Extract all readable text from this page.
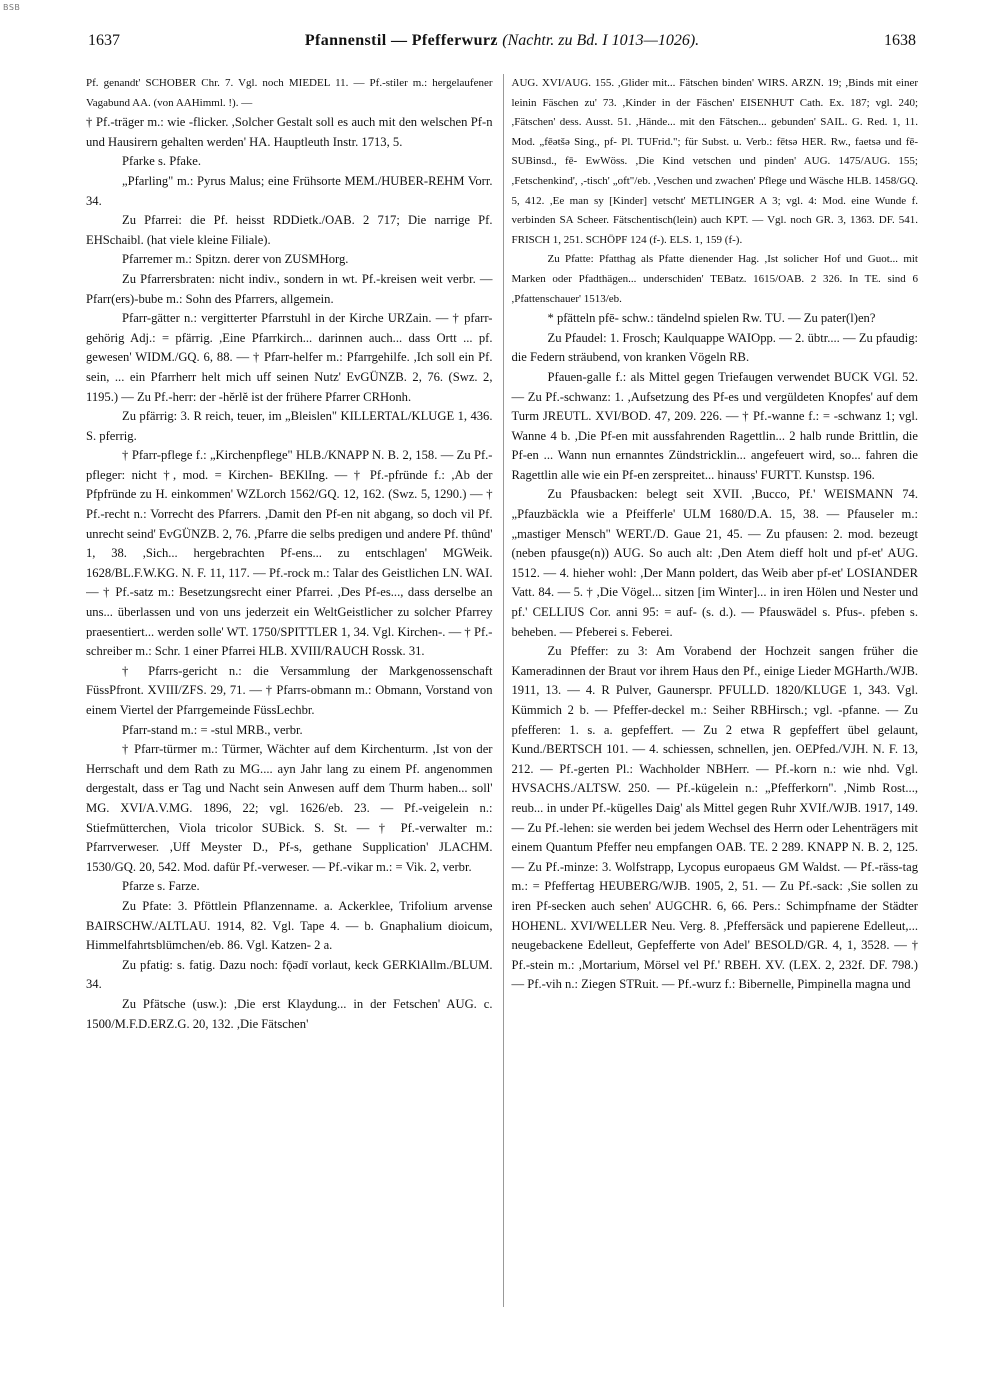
BSB
1637	Pfannenstil — Pfefferwurz (Nachtr. zu Bd. I 1013—1026).	1638

Pf. genandt' SCHOBER Chr. 7. Vgl. noch MIEDEL 11. — Pf.-stiler m.: hergelaufener Vagabund AA. (von AAHimml. !). —

† Pf.-träger m.: wie -flicker. ,Solcher Gestalt soll es auch mit den welschen Pf-n und Hausirern gehalten werden' HA. Hauptleuth Instr. 1713, 5.

Pfarke s. Pfake.

„Pfarling" m.: Pyrus Malus; eine Frühsorte MEM./HUBER-REHM Vorr. 34.

Zu Pfarrei: die Pf. heisst RDDietk./OAB. 2 717; Die narrige Pf. EHSchaibl. (hat viele kleine Filiale).

Pfarremer m.: Spitzn. derer von ZUSMHorg.

Zu Pfarrersbraten: nicht indiv., sondern in wt. Pf.-kreisen weit verbr. — Pfarr(ers)-bube m.: Sohn des Pfarrers, allgemein.

Pfarr-gätter n.: vergitterter Pfarrstuhl in der Kirche URZain. — † pfarr-gehörig Adj.: = pfärrig. ,Eine Pfarrkirch... darinnen auch... dass Ortt ... pf. gewesen' WIDM./GQ. 6, 88. — † Pfarr-helfer m.: Pfarrgehilfe. ,Ich soll ein Pf. sein, ... ein Pfarrherr helt mich uff seinen Nutz' EvGÜNZB. 2, 76. (Swz. 2, 1195.) — Zu Pf.-herr: der -hĕrlĕ ist der frühere Pfarrer CRHonh.

Zu pfärrig: 3. R reich, teuer, im „Bleislen" KILLERTAL/KLUGE 1, 436. S. pferrig.

† Pfarr-pflege f.: „Kirchenpflege" HLB./KNAPP N. B. 2, 158. — Zu Pf.-pfleger: nicht †, mod. = Kirchen- BEKlIng. — † Pf.-pfründe f.: ,Ab der Pfpfründe zu H. einkommen' WZLorch 1562/GQ. 12, 162. (Swz. 5, 1290.) — † Pf.-recht n.: Vorrecht des Pfarrers. ,Damit den Pf-en nit abgang, so doch vil Pf. unrecht seind' EvGÜNZB. 2, 76. ,Pfarre die selbs predigen und andere Pf. thûnd' 1, 38. ,Sich... hergebrachten Pf-ens... zu entschlagen' MGWeik. 1628/BL.F.W.KG. N. F. 11, 117. — Pf.-rock m.: Talar des Geistlichen LN. WAI. — † Pf.-satz m.: Besetzungsrecht einer Pfarrei. ,Des Pf-es..., dass derselbe an uns... überlassen und von uns jederzeit ein WeltGeistlicher zu solcher Pfarrey praesentiert... werden solle' WT. 1750/SPITTLER 1, 34. Vgl. Kirchen-. — † Pf.-schreiber m.: Schr. 1 einer Pfarrei HLB. XVIII/RAUCH Rossk. 31.

† Pfarrs-gericht n.: die Versammlung der Markgenossenschaft FüssPfront. XVIII/ZFS. 29, 71. — † Pfarrs-obmann m.: Obmann, Vorstand von einem Viertel der Pfarrgemeinde FüssLechbr.

Pfarr-stand m.: = -stul MRB., verbr.

† Pfarr-türmer m.: Türmer, Wächter auf dem Kirchenturm. ,Ist von der Herrschaft und dem Rath zu MG.... ayn Jahr lang zu einem Pf. angenommen dergestalt, dass er Tag und Nacht sein Anwesen auff dem Thurm haben... soll' MG. XVI/A.V.MG. 1896, 22; vgl. 1626/eb. 23. — Pf.-veigelein n.: Stiefmütterchen, Viola tricolor SUBick. S. St. — † Pf.-verwalter m.: Pfarrverweser. ,Uff Meyster D., Pf-s, gethane Supplication' JLACHM. 1530/GQ. 20, 542. Mod. dafür Pf.-verweser. — Pf.-vikar m.: = Vik. 2, verbr.

Pfarze s. Farze.

Zu Pfate: 3. Pföttlein Pflanzenname. a. Ackerklee, Trifolium arvense BAIRSCHW./ALTLAU. 1914, 82. Vgl. Tape 4. — b. Gnaphalium dioicum, Himmelfahrtsblümchen/eb. 86. Vgl. Katzen- 2 a.

Zu pfatig: s. fatig. Dazu noch: fǭədī vorlaut, keck GERKlAllm./BLUM. 34.

Zu Pfätsche (usw.): ,Die erst Klaydung... in der Fetschen' AUG. c. 1500/M.F.D.ERZ.G. 20, 132. ,Die Fätschen'

AUG. XVI/AUG. 155. ,Glider mit... Fätschen binden' WIRS. ARZN. 19; ,Binds mit einer leinin Fäschen zu' 73. ,Kinder in der Fäschen' EISENHUT Cath. Ex. 187; vgl. 240; ,Fätschen' dess. Ausst. 51. ,Hände... mit den Fätschen... gebunden' SAIL. G. Red. 1, 11. Mod. „fēətšə Sing., pf- Pl. TUFrid."; für Subst. u. Verb.: fētsə HER. Rw., faetsə und fē- SUBinsd., fē- EwWöss. ,Die Kind vetschen und pinden' AUG. 1475/AUG. 155; ,Fetschenkind', ,-tisch' „oft"/eb. ,Veschen und zwachen' Pflege und Wäsche HLB. 1458/GQ. 5, 412. ,Ee man sy [Kinder] vetscht' METLINGER A 3; vgl. 4: Mod. eine Wunde f. verbinden SA Scheer. Fätschentisch(lein) auch KPT. — Vgl. noch GR. 3, 1363. DF. 541. FRISCH 1, 251. SCHÖPF 124 (f-). ELS. 1, 159 (f-).

Zu Pfatte: Pfatthag als Pfatte dienender Hag. ,Ist solicher Hof und Guot... mit Marken oder Pfadthägen... underschiden' TEBatz. 1615/OAB. 2 326. In TE. sind 6 ,Pfattenschauer' 1513/eb.

* pfätteln pfē- schw.: tändelnd spielen Rw. TU. — Zu pater(l)en?

Zu Pfaudel: 1. Frosch; Kaulquappe WAIOpp. — 2. übtr.... — Zu pfaudig: die Federn sträubend, von kranken Vögeln RB.

Pfauen-galle f.: als Mittel gegen Triefaugen verwendet BUCK VGl. 52. — Zu Pf.-schwanz: 1. ,Aufsetzung des Pf-es und vergüldeten Knopfes' auf dem Turm JREUTL. XVI/BOD. 47, 209. 226. — † Pf.-wanne f.: = -schwanz 1; vgl. Wanne 4 b. ,Die Pf-en mit aussfahrenden Ragettlin... 2 halb runde Brittlin, die Pf-en ... Wann nun ernanntes Zündstricklin... angefeuert wird, so... fahren die Ragettlin alle wie ein Pf-en zerspreitet... hinauss' FURTT. Kunstsp. 196.

Zu Pfausbacken: belegt seit XVII. ,Bucco, Pf.' WEISMANN 74. „Pfauzbäckla wie a Pfeifferle' ULM 1680/D.A. 15, 38. — Pfauseler m.: „mastiger Mensch" WERT./D. Gaue 21, 45. — Zu pfausen: 2. mod. bezeugt (neben pfausge(n)) AUG. So auch alt: ,Den Atem dieff holt und pf-et' AUG. 1512. — 4. hieher wohl: ,Der Mann poldert, das Weib aber pf-et' LOSIANDER Vatt. 84. — 5. † ,Die Vögel... sitzen [im Winter]... in iren Hölen und Nester und pf.' CELLIUS Cor. anni 95: = auf- (s. d.). — Pfauswädel s. Pfus-. pfeben s. beheben. — Pfeberei s. Feberei.

Zu Pfeffer: zu 3: Am Vorabend der Hochzeit sangen früher die Kameradinnen der Braut vor ihrem Haus den Pf., einige Lieder MGHarth./WJB. 1911, 13. — 4. R Pulver, Gaunerspr. PFULLD. 1820/KLUGE 1, 343. Vgl. Kümmich 2 b. — Pfeffer-deckel m.: Seiher RBHirsch.; vgl. -pfanne. — Zu pfefferen: 1. s. a. gepfeffert. — Zu 2 etwa R gepfeffert übel gelaunt, Kund./BERTSCH 101. — 4. schiessen, schnellen, jen. OEPfed./VJH. N. F. 13, 212. — Pf.-gerten Pl.: Wachholder NBHerr. — Pf.-korn n.: wie nhd. Vgl. HVSACHS./ALTSW. 250. — Pf.-kügelein n.: „Pfefferkorn". ,Nimb Rost..., reub... in under Pf.-kügelles Daig' als Mittel gegen Ruhr XVIf./WJB. 1917, 149. — Zu Pf.-lehen: sie werden bei jedem Wechsel des Herrn oder Lehenträgers mit einem Quantum Pfeffer neu empfangen OAB. TE. 2 289. KNAPP N. B. 2, 125. — Zu Pf.-minze: 3. Wolfstrapp, Lycopus europaeus GM Waldst. — Pf.-räss-tag m.: = Pfeffertag HEUBERG/WJB. 1905, 2, 51. — Zu Pf.-sack: ,Sie sollen zu iren Pf-secken auch sehen' AUGCHR. 6, 66. Pers.: Schimpfname der Städter HOHENL. XVI/WELLER Neu. Verg. 8. ,Pfeffersäck und papierene Edelleut,... neugebackene Edelleut, Gepfefferte von Adel' BESOLD/GR. 4, 1, 3528. — † Pf.-stein m.: ,Mortarium, Mörsel vel Pf.' RBEH. XV. (LEX. 2, 232f. DF. 798.) — Pf.-vih n.: Ziegen STRuit. — Pf.-wurz f.: Bibernelle, Pimpinella magna und
